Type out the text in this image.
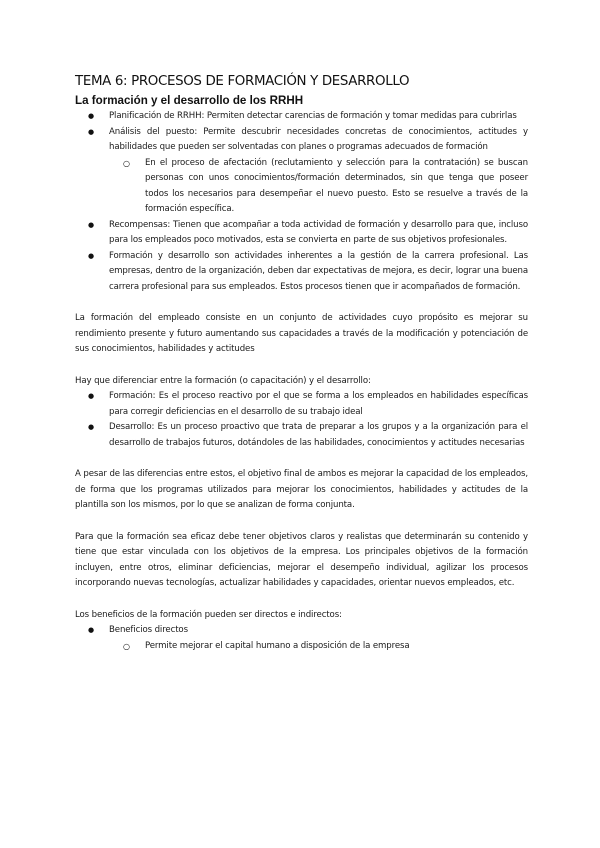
TEMA 6: PROCESOS DE FORMACIÓN Y DESARROLLO
La formación y el desarrollo de los RRHH
● Planificación de RRHH: Permiten detectar carencias de formación y tomar medidas para cubrirlas
● Análisis del puesto: Permite descubrir necesidades concretas de conocimientos, actitudes y habilidades que pueden ser solventadas con planes o programas adecuados de formación
○ En el proceso de afectación (reclutamiento y selección para la contratación) se buscan personas con unos conocimientos/formación determinados, sin que tenga que poseer todos los necesarios para desempeñar el nuevo puesto. Esto se resuelve a través de la formación específica.
● Recompensas: Tienen que acompañar a toda actividad de formación y desarrollo para que, incluso para los empleados poco motivados, esta se convierta en parte de sus objetivos profesionales.
● Formación y desarrollo son actividades inherentes a la gestión de la carrera profesional. Las empresas, dentro de la organización, deben dar expectativas de mejora, es decir, lograr una buena carrera profesional para sus empleados. Estos procesos tienen que ir acompañados de formación.

La formación del empleado consiste en un conjunto de actividades cuyo propósito es mejorar su rendimiento presente y futuro aumentando sus capacidades a través de la modificación y potenciación de sus conocimientos, habilidades y actitudes

Hay que diferenciar entre la formación (o capacitación) y el desarrollo:

● Formación: Es el proceso reactivo por el que se forma a los empleados en habilidades específicas para corregir deficiencias en el desarrollo de su trabajo ideal
● Desarrollo: Es un proceso proactivo que trata de preparar a los grupos y a la organización para el desarrollo de trabajos futuros, dotándoles de las habilidades, conocimientos y actitudes necesarias

A pesar de las diferencias entre estos, el objetivo final de ambos es mejorar la capacidad de los empleados, de forma que los programas utilizados para mejorar los conocimientos, habilidades y actitudes de la plantilla son los mismos, por lo que se analizan de forma conjunta.

Para que la formación sea eficaz debe tener objetivos claros y realistas que determinarán su contenido y tiene que estar vinculada con los objetivos de la empresa. Los principales objetivos de la formación incluyen, entre otros, eliminar deficiencias, mejorar el desempeño individual, agilizar los procesos incorporando nuevas tecnologías, actualizar habilidades y capacidades, orientar nuevos empleados, etc.

Los beneficios de la formación pueden ser directos e indirectos:

● Beneficios directos
○ Permite mejorar el capital humano a disposición de la empresa
